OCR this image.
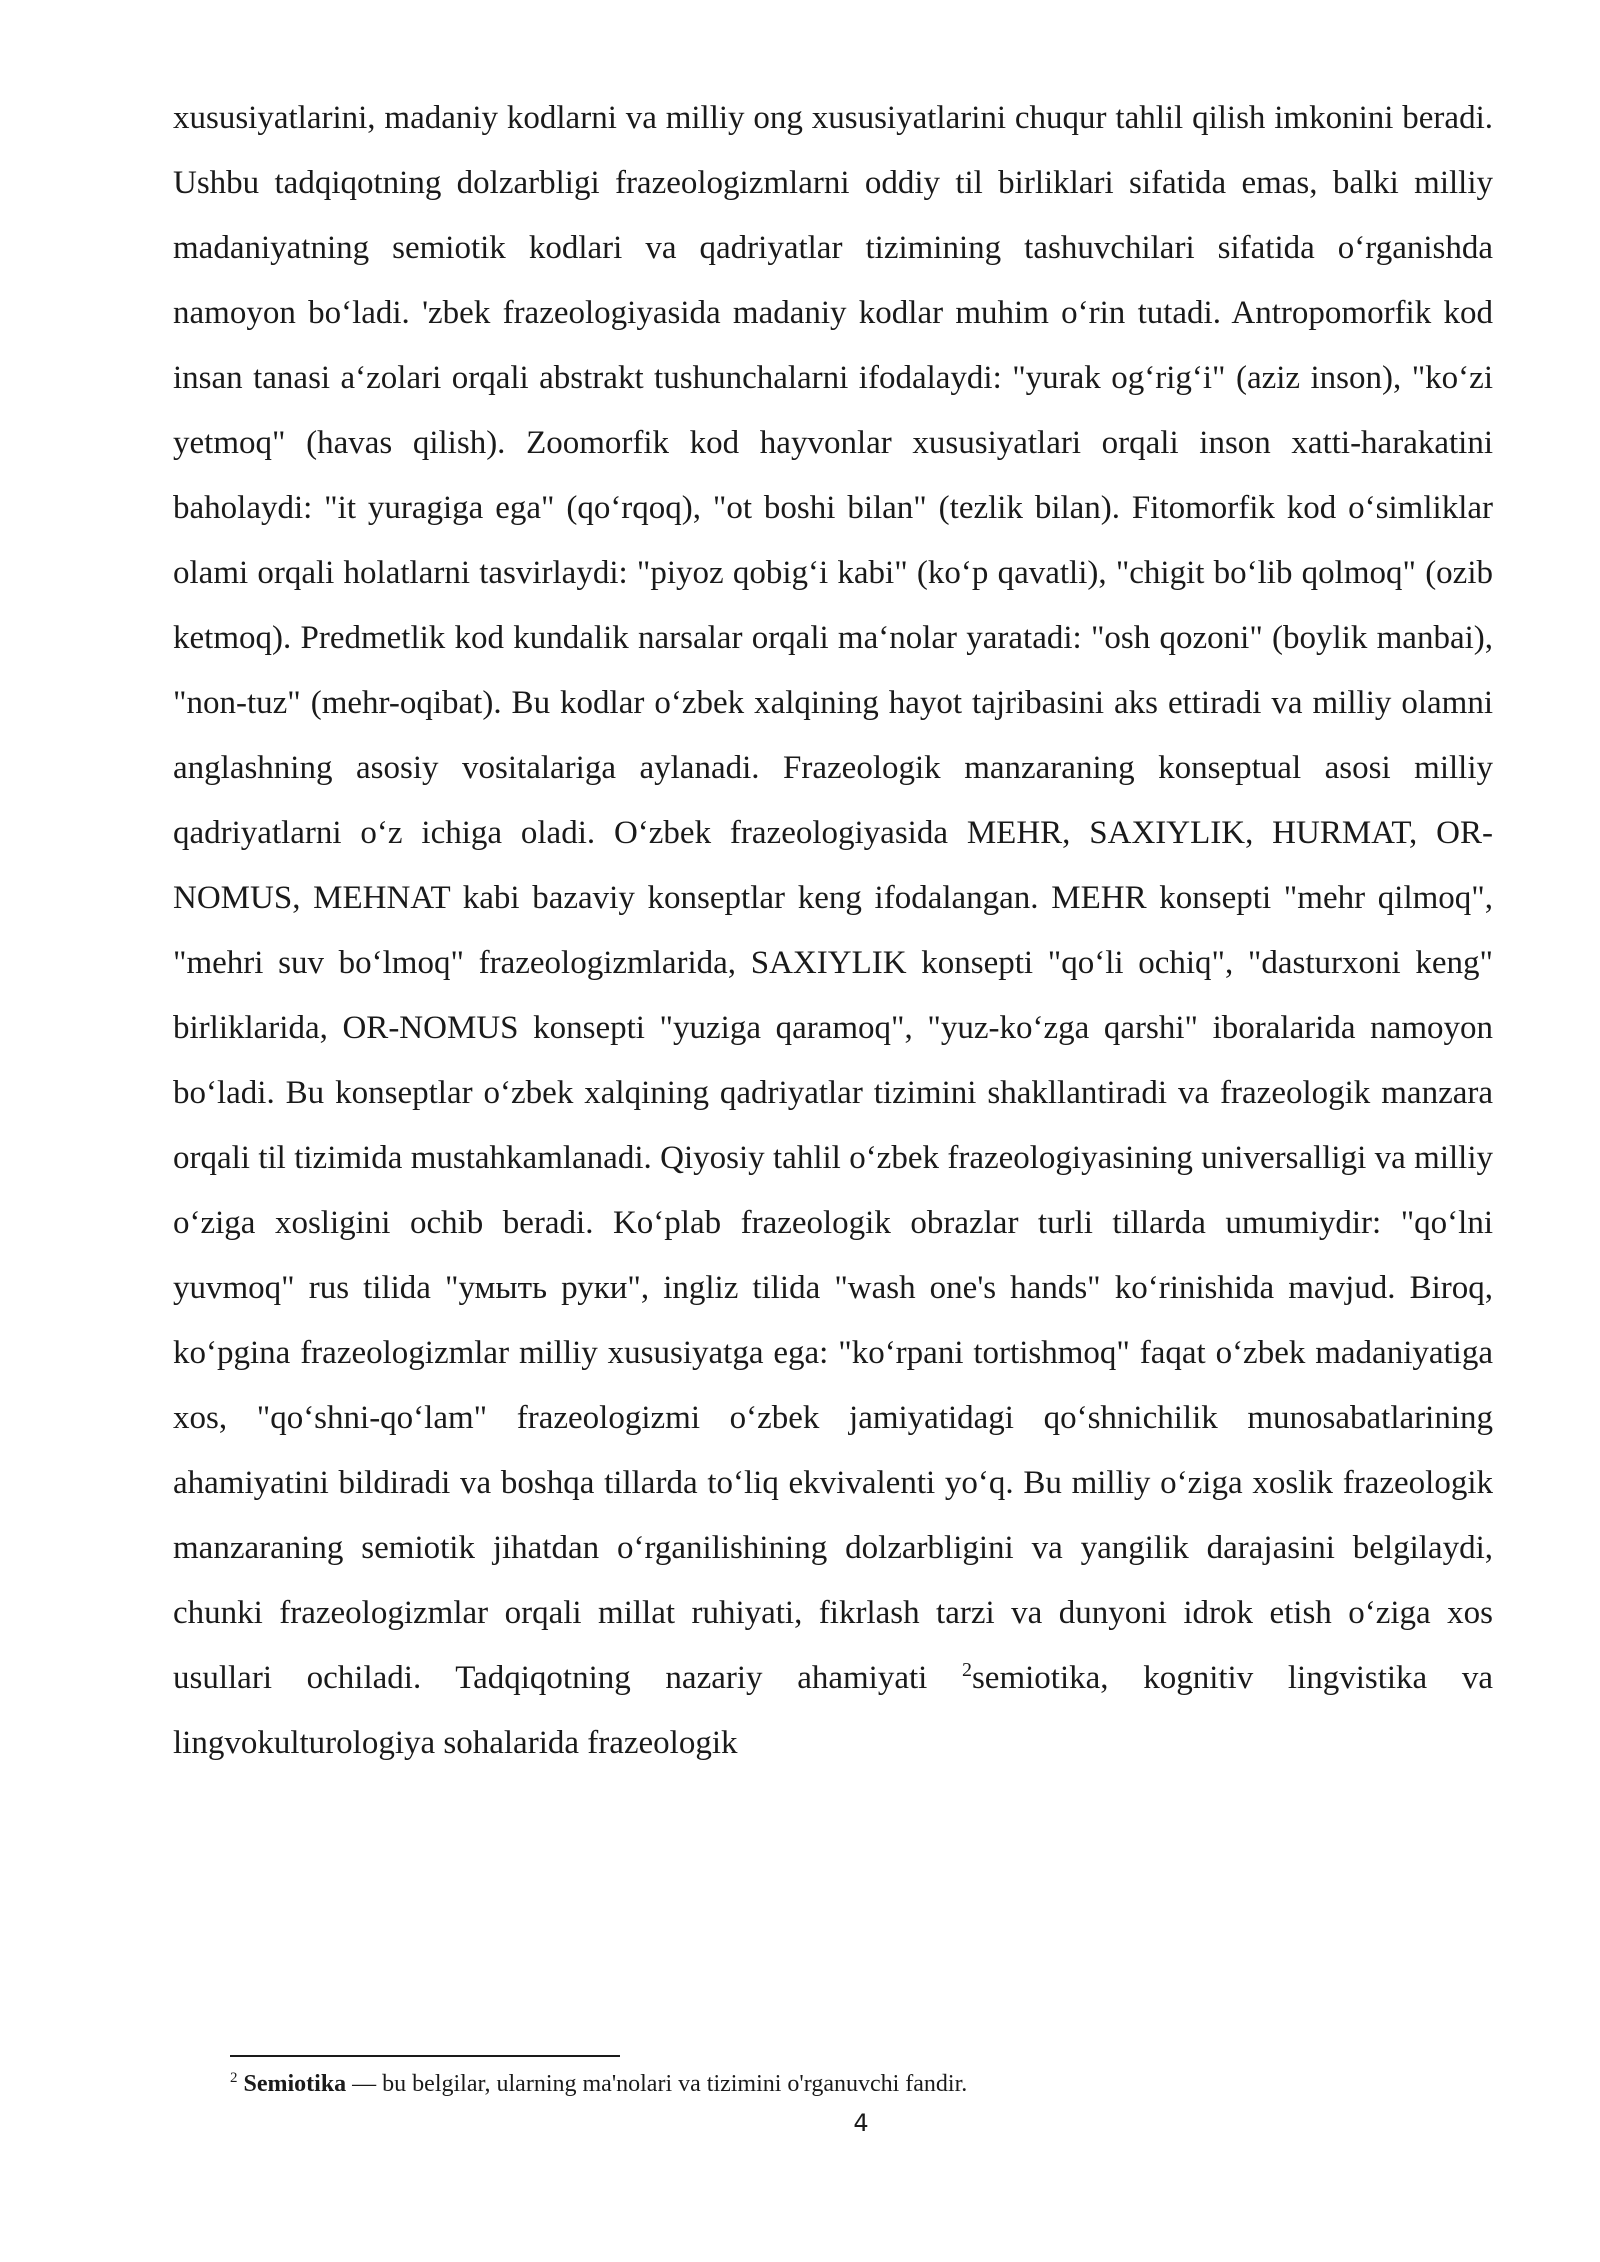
xususiyatlarini, madaniy kodlarni va milliy ong xususiyatlarini chuqur tahlil qilish imkonini beradi. Ushbu tadqiqotning dolzarbligi frazeologizmlarni oddiy til birliklari sifatida emas, balki milliy madaniyatning semiotik kodlari va qadriyatlar tizimining tashuvchilari sifatida o‘rganishda namoyon bo‘ladi. 'zbek frazeologiyasida madaniy kodlar muhim o‘rin tutadi. Antropomorfik kod insan tanasi a‘zolari orqali abstrakt tushunchalarni ifodalaydi: "yurak og‘rig‘i" (aziz inson), "ko‘zi yetmoq" (havas qilish). Zoomorfik kod hayvonlar xususiyatlari orqali inson xatti-harakatini baholaydi: "it yuragiga ega" (qo‘rqoq), "ot boshi bilan" (tezlik bilan). Fitomorfik kod o‘simliklar olami orqali holatlarni tasvirlaydi: "piyoz qobig‘i kabi" (ko‘p qavatli), "chigit bo‘lib qolmoq" (ozib ketmoq). Predmetlik kod kundalik narsalar orqali ma‘nolar yaratadi: "osh qozoni" (boylik manbai), "non-tuz" (mehr-oqibat). Bu kodlar o‘zbek xalqining hayot tajribasini aks ettiradi va milliy olamni anglashning asosiy vositalariga aylanadi. Frazeologik manzaraning konseptual asosi milliy qadriyatlarni o‘z ichiga oladi. O‘zbek frazeologiyasida MEHR, SAXIYLIK, HURMAT, OR-NOMUS, MEHNAT kabi bazaviy konseptlar keng ifodalangan. MEHR konsepti "mehr qilmoq", "mehri suv bo‘lmoq" frazeologizmlarida, SAXIYLIK konsepti "qo‘li ochiq", "dasturxoni keng" birliklarida, OR-NOMUS konsepti "yuziga qaramoq", "yuz-ko‘zga qarshi" iboralarida namoyon bo‘ladi. Bu konseptlar o‘zbek xalqining qadriyatlar tizimini shakllantiradi va frazeologik manzara orqali til tizimida mustahkamlanadi. Qiyosiy tahlil o‘zbek frazeologiyasining universalligi va milliy o‘ziga xosligini ochib beradi. Ko‘plab frazeologik obrazlar turli tillarda umumiydir: "qo‘lni yuvmoq" rus tilida "умыть руки", ingliz tilida "wash one's hands" ko‘rinishida mavjud. Biroq, ko‘pgina frazeologizmlar milliy xususiyatga ega: "ko‘rpani tortishmoq" faqat o‘zbek madaniyatiga xos, "qo‘shni-qo‘lam" frazeologizmi o‘zbek jamiyatidagi qo‘shnichilik munosabatlarining ahamiyatini bildiradi va boshqa tillarda to‘liq ekvivalenti yo‘q. Bu milliy o‘ziga xoslik frazeologik manzaraning semiotik jihatdan o‘rganilishining dolzarbligini va yangilik darajasini belgilaydi, chunki frazeologizmlar orqali millat ruhiyati, fikrlash tarzi va dunyoni idrok etish o‘ziga xos usullari ochiladi. Tadqiqotning nazariy ahamiyati $^2$semiotika, kognitiv lingvistika va lingvokulturologiya sohalarida frazeologik

$^2$ Semiotika — bu belgilar, ularning ma'nolari va tizimini o'rganuvchi fandir.

4
